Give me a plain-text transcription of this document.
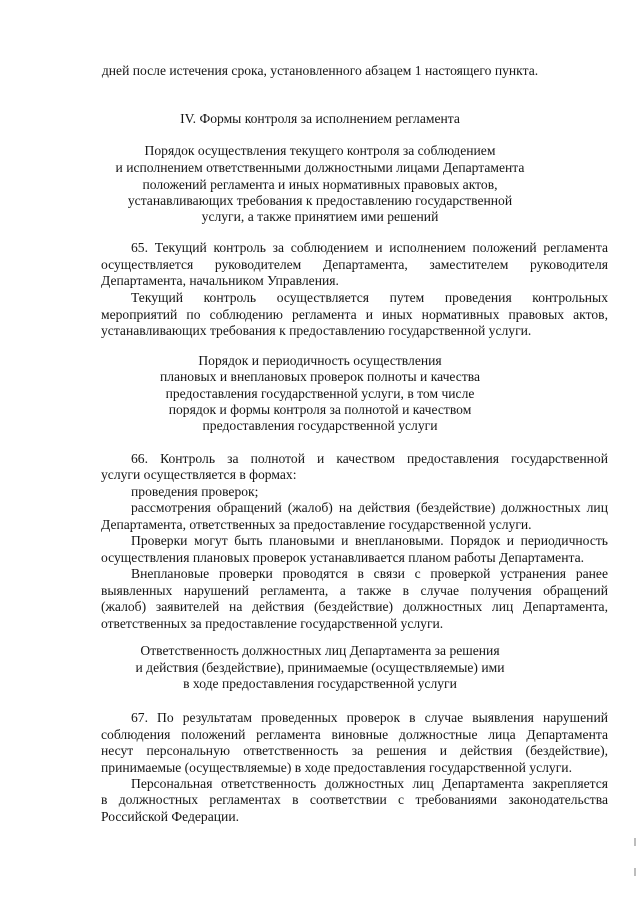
дней после истечения срока, установленного абзацем 1 настоящего пункта.

IV. Формы контроля за исполнением регламента

Порядок осуществления текущего контроля за соблюдением

и исполнением ответственными должностными лицами Департамента

положений регламента и иных нормативных правовых актов,

устанавливающих требования к предоставлению государственной

услуги, а также принятием ими решений

65. Текущий контроль за соблюдением и исполнением положений регламента

осуществляется руководителем Департамента, заместителем руководителя

Департамента, начальником Управления.

Текущий контроль осуществляется путем проведения контрольных

мероприятий по соблюдению регламента и иных нормативных правовых актов,

устанавливающих требования к предоставлению государственной услуги.

Порядок и периодичность осуществления

плановых и внеплановых проверок полноты и качества

предоставления государственной услуги, в том числе

порядок и формы контроля за полнотой и качеством

предоставления государственной услуги

66. Контроль за полнотой и качеством предоставления государственной

услуги осуществляется в формах:

проведения проверок;

рассмотрения обращений (жалоб) на действия (бездействие) должностных лиц

Департамента, ответственных за предоставление государственной услуги.

Проверки могут быть плановыми и внеплановыми. Порядок и периодичность

осуществления плановых проверок устанавливается планом работы Департамента.

Внеплановые проверки проводятся в связи с проверкой устранения ранее

выявленных нарушений регламента, а также в случае получения обращений

(жалоб) заявителей на действия (бездействие) должностных лиц Департамента,

ответственных за предоставление государственной услуги.

Ответственность должностных лиц Департамента за решения

и действия (бездействие), принимаемые (осуществляемые) ими

в ходе предоставления государственной услуги

67. По результатам проведенных проверок в случае выявления нарушений

соблюдения положений регламента виновные должностные лица Департамента

несут персональную ответственность за решения и действия (бездействие),

принимаемые (осуществляемые) в ходе предоставления государственной услуги.

Персональная ответственность должностных лиц Департамента закрепляется

в должностных регламентах в соответствии с требованиями законодательства

Российской Федерации.
